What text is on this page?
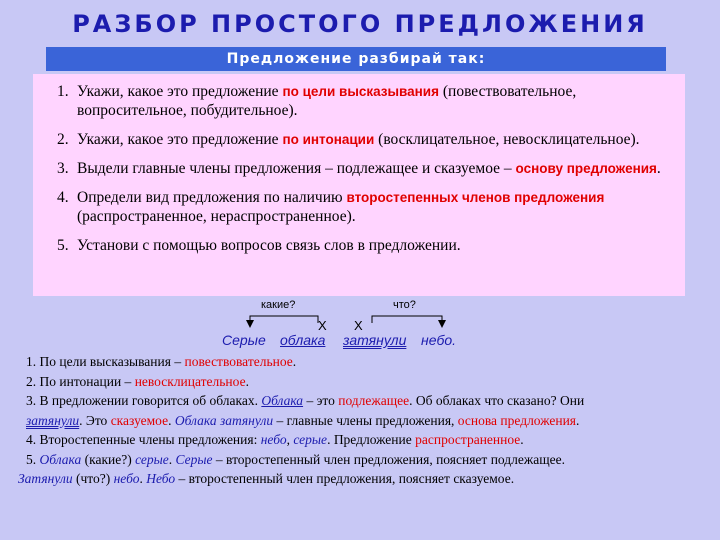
РАЗБОР ПРОСТОГО ПРЕДЛОЖЕНИЯ
Предложение разбирай так:
1. Укажи, какое это предложение по цели высказывания (повествовательное, вопросительное, побудительное).
2. Укажи, какое это предложение по интонации (восклицательное, невосклицательное).
3. Выдели главные члены предложения – подлежащее и сказуемое – основу предложения.
4. Определи вид предложения по наличию второстепенных членов предложения (распространенное, нераспространенное).
5. Установи с помощью вопросов связь слов в предложении.
какие?	что?
Х Х
Серые облака затянули небо.

1. По цели высказывания – повествовательное.

2. По интонации – невосклицательное.

3. В предложении говорится об облаках. Облака – это подлежащее. Об облаках что сказано? Они
затянули. Это сказуемое. Облака затянули – главные члены предложения, основа предложения.

4. Второстепенные члены предложения: небо, серые. Предложение распространенное.

5. Облака (какие?) серые. Серые – второстепенный член предложения, поясняет подлежащее.

Затянули (что?) небо. Небо – второстепенный член предложения, поясняет сказуемое.
